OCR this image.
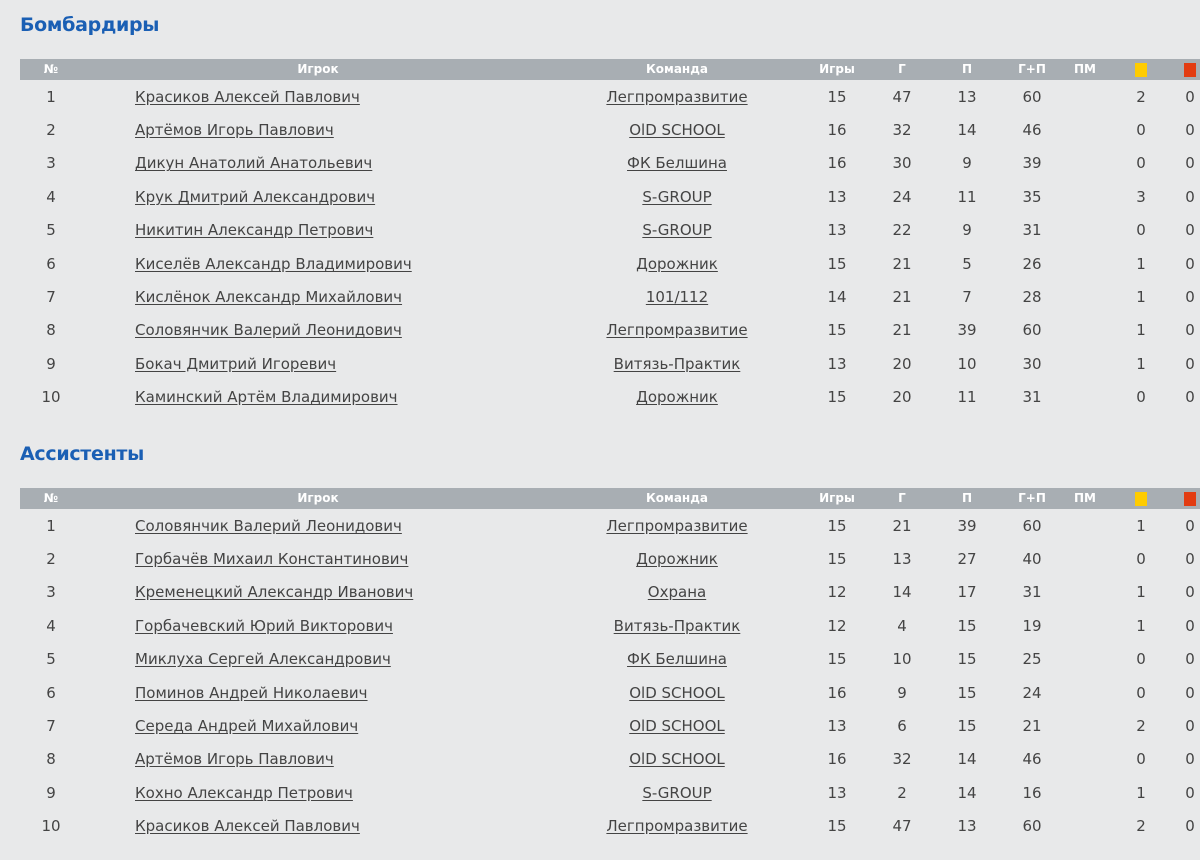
Бомбардиры
№	Игрок	Команда	Игры	Г	П	Г+П	ПМ		
1	Красиков Алексей Павлович	Легпромразвитие	15	47	13	60		2	0
2	Артёмов Игорь Павлович	OlD SCHOOL	16	32	14	46		0	0
3	Дикун Анатолий Анатольевич	ФК Белшина	16	30	9	39		0	0
4	Крук Дмитрий Александрович	S-GROUP	13	24	11	35		3	0
5	Никитин Александр Петрович	S-GROUP	13	22	9	31		0	0
6	Киселёв Александр Владимирович	Дорожник	15	21	5	26		1	0
7	Кислёнок Александр Михайлович	101/112	14	21	7	28		1	0
8	Соловянчик Валерий Леонидович	Легпромразвитие	15	21	39	60		1	0
9	Бокач Дмитрий Игоревич	Витязь-Практик	13	20	10	30		1	0
10	Каминский Артём Владимирович	Дорожник	15	20	11	31		0	0
Ассистенты
№	Игрок	Команда	Игры	Г	П	Г+П	ПМ		
1	Соловянчик Валерий Леонидович	Легпромразвитие	15	21	39	60		1	0
2	Горбачёв Михаил Константинович	Дорожник	15	13	27	40		0	0
3	Кременецкий Александр Иванович	Охрана	12	14	17	31		1	0
4	Горбачевский Юрий Викторович	Витязь-Практик	12	4	15	19		1	0
5	Миклуха Сергей Александрович	ФК Белшина	15	10	15	25		0	0
6	Поминов Андрей Николаевич	OlD SCHOOL	16	9	15	24		0	0
7	Середа Андрей Михайлович	OlD SCHOOL	13	6	15	21		2	0
8	Артёмов Игорь Павлович	OlD SCHOOL	16	32	14	46		0	0
9	Кохно Александр Петрович	S-GROUP	13	2	14	16		1	0
10	Красиков Алексей Павлович	Легпромразвитие	15	47	13	60		2	0
